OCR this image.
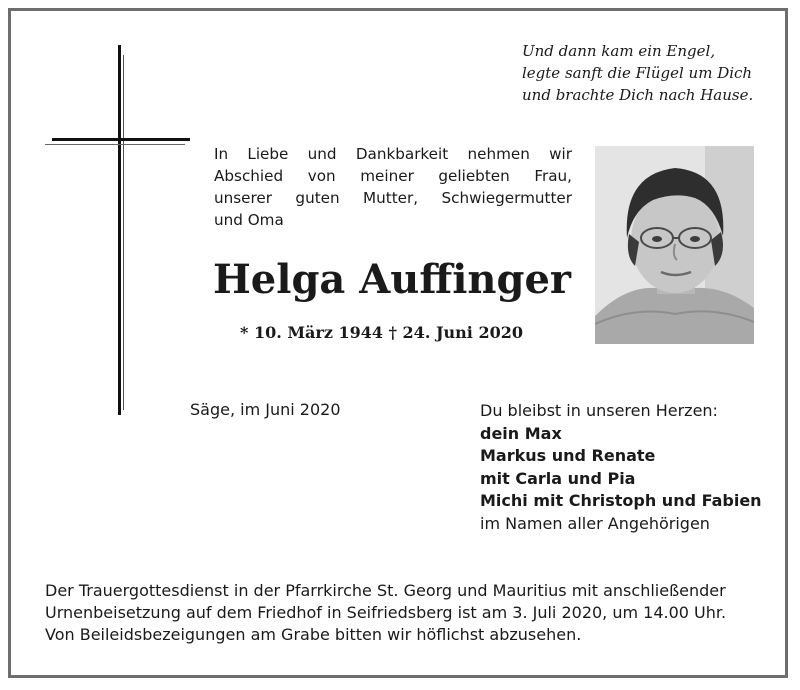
Und dann kam ein Engel,
legte sanft die Flügel um Dich
und brachte Dich nach Hause.
In Liebe und Dankbarkeit nehmen wir
Abschied von meiner geliebten Frau,
unserer guten Mutter, Schwiegermutter
und Oma
Helga Auffinger
* 10. März 1944 † 24. Juni 2020
Säge, im Juni 2020	Du bleibst in unseren Herzen:
dein Max
Markus und Renate
mit Carla und Pia
Michi mit Christoph und Fabien
im Namen aller Angehörigen
Der Trauergottesdienst in der Pfarrkirche St. Georg und Mauritius mit anschließender
Urnenbeisetzung auf dem Friedhof in Seifriedsberg ist am 3. Juli 2020, um 14.00 Uhr.
Von Beileidsbezeigungen am Grabe bitten wir höflichst abzusehen.
